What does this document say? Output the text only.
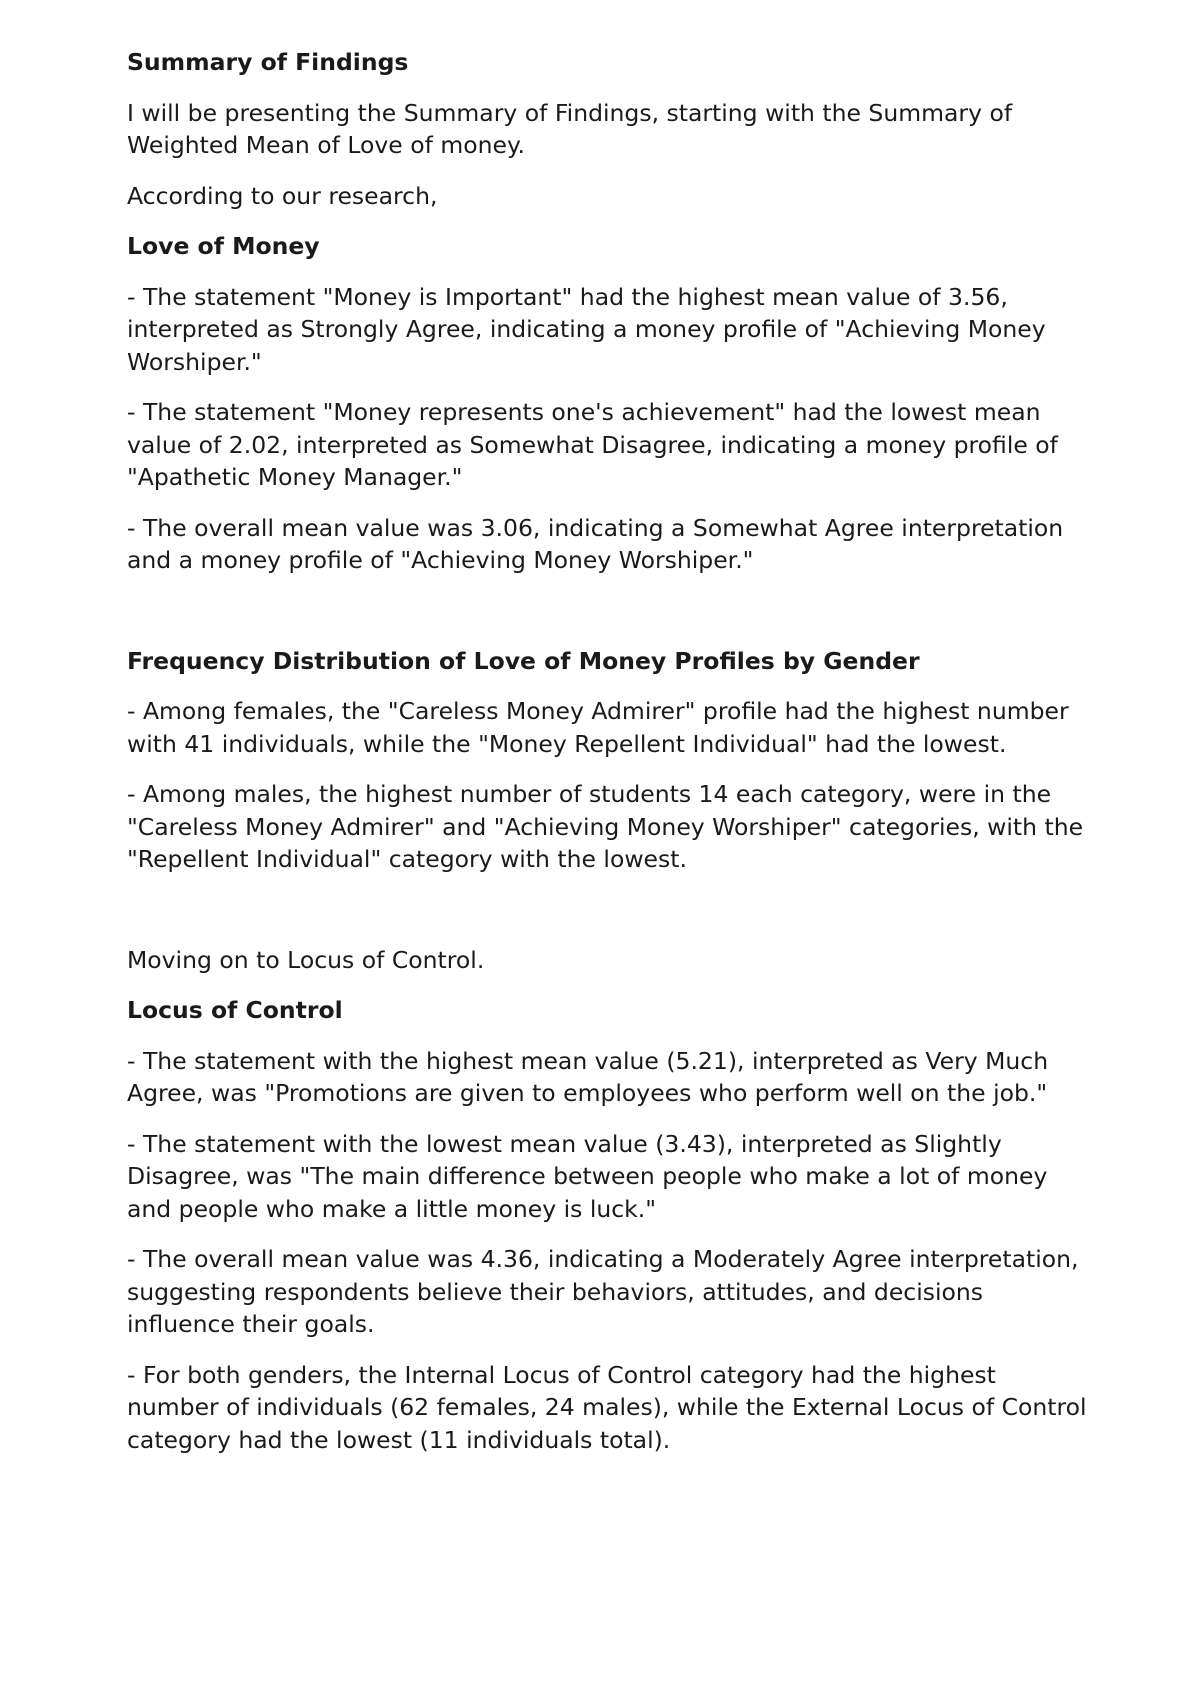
Summary of Findings

I will be presenting the Summary of Findings, starting with the Summary of Weighted Mean of Love of money.

According to our research,

Love of Money

- The statement "Money is Important" had the highest mean value of 3.56, interpreted as Strongly Agree, indicating a money profile of "Achieving Money Worshiper."

- The statement "Money represents one's achievement" had the lowest mean value of 2.02, interpreted as Somewhat Disagree, indicating a money profile of "Apathetic Money Manager."

- The overall mean value was 3.06, indicating a Somewhat Agree interpretation and a money profile of "Achieving Money Worshiper."

Frequency Distribution of Love of Money Profiles by Gender

- Among females, the "Careless Money Admirer" profile had the highest number with 41 individuals, while the "Money Repellent Individual" had the lowest.

- Among males, the highest number of students 14 each category, were in the "Careless Money Admirer" and "Achieving Money Worshiper" categories, with the "Repellent Individual" category with the lowest.

Moving on to Locus of Control.

Locus of Control

- The statement with the highest mean value (5.21), interpreted as Very Much Agree, was "Promotions are given to employees who perform well on the job."

- The statement with the lowest mean value (3.43), interpreted as Slightly Disagree, was "The main difference between people who make a lot of money and people who make a little money is luck."

- The overall mean value was 4.36, indicating a Moderately Agree interpretation, suggesting respondents believe their behaviors, attitudes, and decisions influence their goals.

- For both genders, the Internal Locus of Control category had the highest number of individuals (62 females, 24 males), while the External Locus of Control category had the lowest (11 individuals total).
